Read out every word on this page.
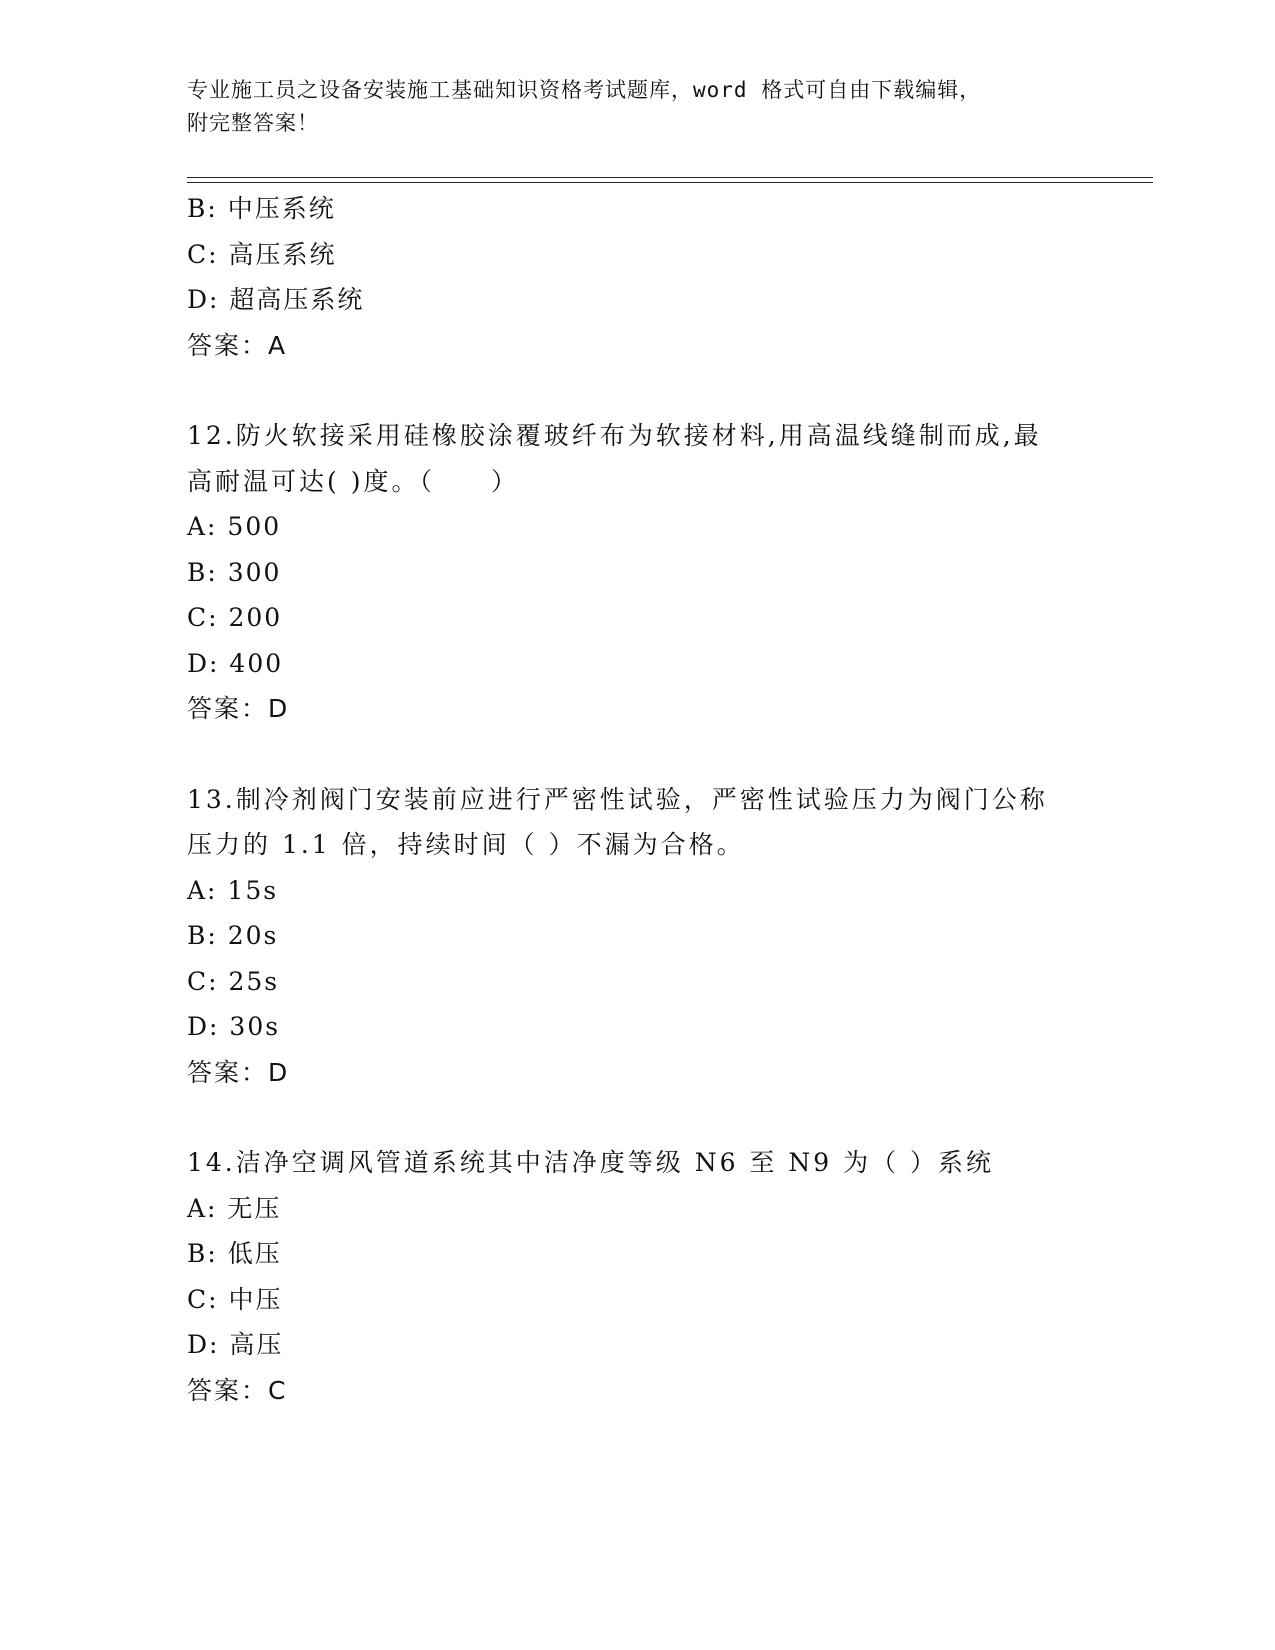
专业施工员之设备安装施工基础知识资格考试题库，word 格式可自由下载编辑，
附完整答案！
B: 中压系统
C: 高压系统
D: 超高压系统
答案：A
12.防火软接采用硅橡胶涂覆玻纤布为软接材料,用高温线缝制而成,最
高耐温可达( )度。（　　）
A: 500
B: 300
C: 200
D: 400
答案：D
13.制冷剂阀门安装前应进行严密性试验，严密性试验压力为阀门公称
压力的 1.1 倍，持续时间（ ）不漏为合格。
A: 15s
B: 20s
C: 25s
D: 30s
答案：D
14.洁净空调风管道系统其中洁净度等级 N6 至 N9 为（ ）系统
A: 无压
B: 低压
C: 中压
D: 高压
答案：C
